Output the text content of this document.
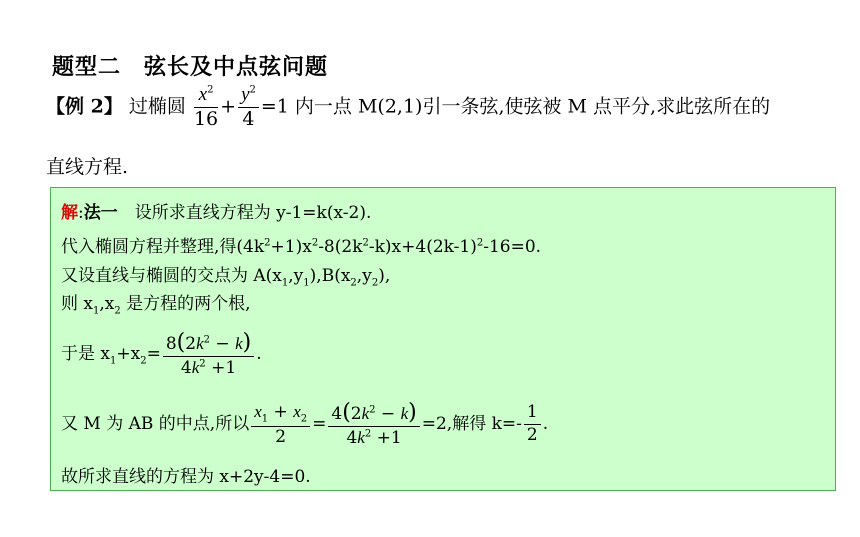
题型二　弦长及中点弦问题
【例 2】 过椭圆 $\frac{x^2}{16} + \frac{y^2}{4} =1$ 内一点 M(2,1)引一条弦,使弦被 M 点平分,求此弦所在的
直线方程.
解:法一　设所求直线方程为 y-1=k(x-2).
代入椭圆方程并整理,得$(4k^2+1)x^2-8(2k^2-k)x+4(2k-1)^2-16=0$.
又设直线与椭圆的交点为 $A(x_1,y_1),B(x_2,y_2)$,
则 $x_1,x_2$ 是方程的两个根,
于是 $x_1+x_2= \frac{8(2k^2 - k)}{4k^2 +1}$ .
又 M 为 AB 的中点,所以 $\frac{x_1 + x_2}{2} = \frac{4(2k^2 - k)}{4k^2 +1} =2$,解得 $k=- \frac{1}{2}$ .
故所求直线的方程为 x+2y-4=0.
